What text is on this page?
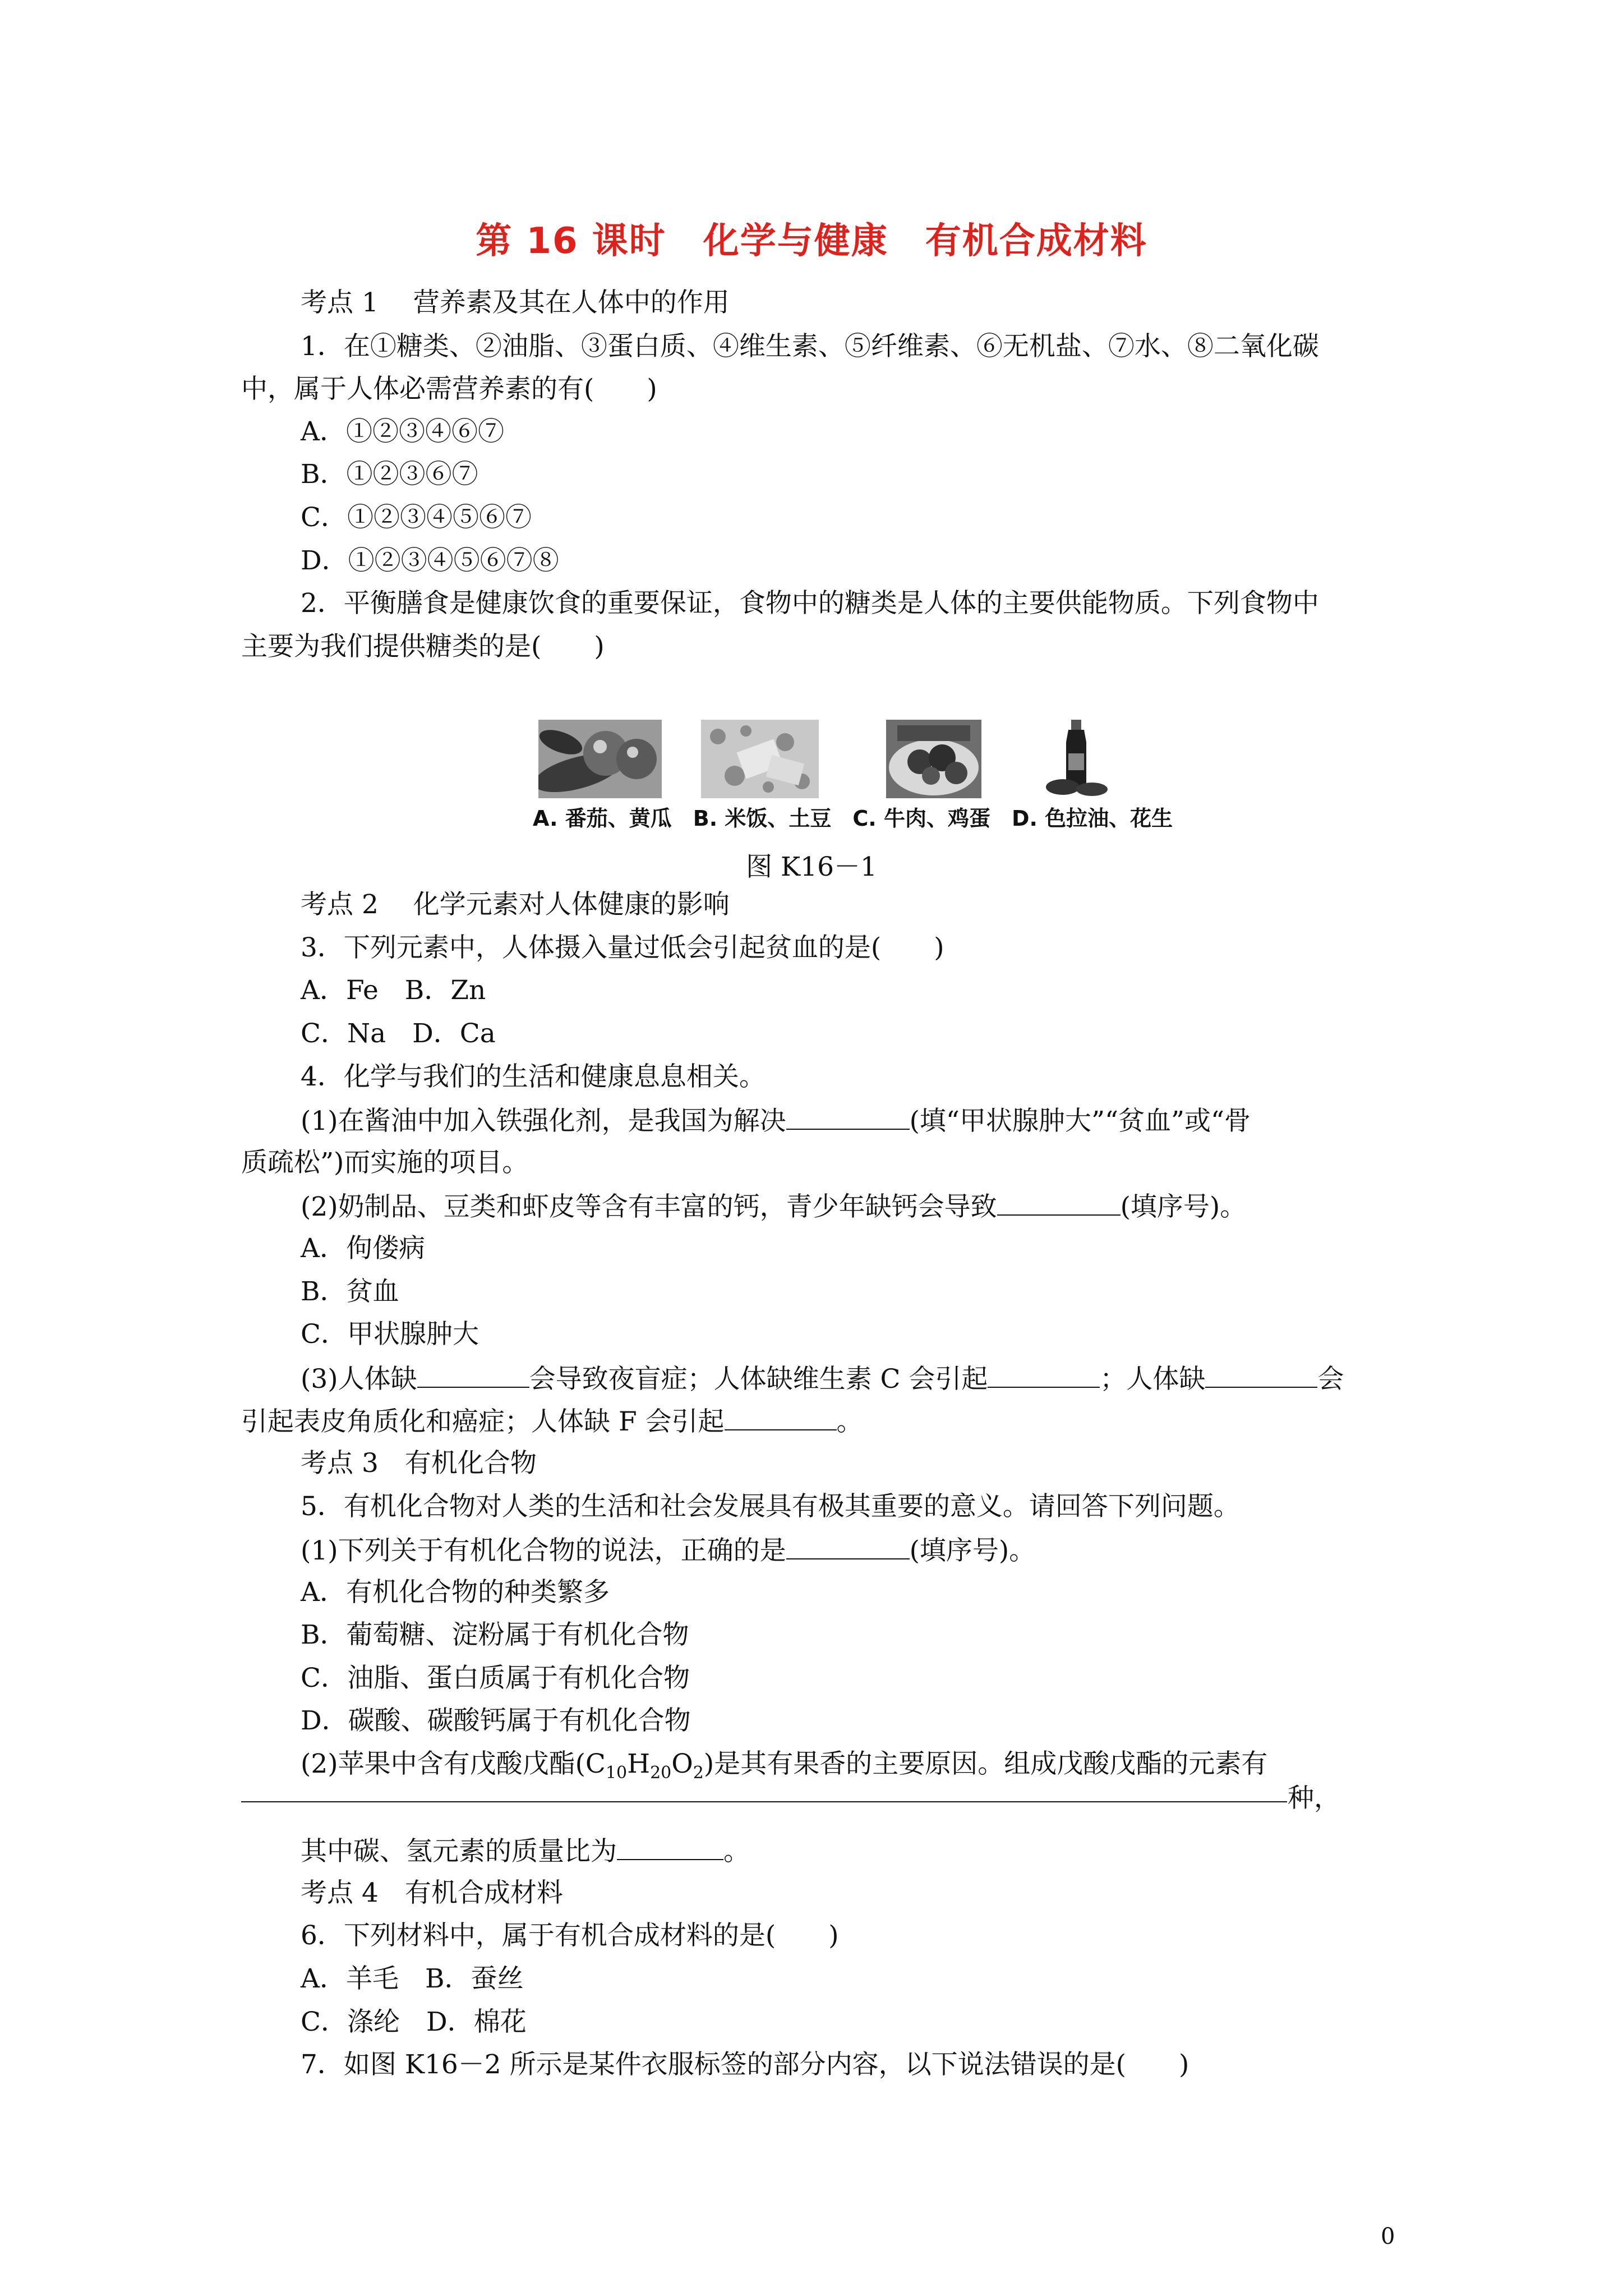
第 16 课时　化学与健康　有机合成材料
考点 1　 营养素及其在人体中的作用
1．在①糖类、②油脂、③蛋白质、④维生素、⑤纤维素、⑥无机盐、⑦水、⑧二氧化碳
中，属于人体必需营养素的有(　　)
A．①②③④⑥⑦
B．①②③⑥⑦
C．①②③④⑤⑥⑦
D．①②③④⑤⑥⑦⑧
2．平衡膳食是健康饮食的重要保证，食物中的糖类是人体的主要供能物质。下列食物中
主要为我们提供糖类的是(　　)
A. 番茄、黄瓜　B. 米饭、土豆　C. 牛肉、鸡蛋　D. 色拉油、花生
图 K16－1
考点 2　 化学元素对人体健康的影响
3．下列元素中，人体摄入量过低会引起贫血的是(　　)
A．Fe　B．Zn
C．Na　D．Ca
4．化学与我们的生活和健康息息相关。
(1)在酱油中加入铁强化剂，是我国为解决	(填“甲状腺肿大”“贫血”或“骨
质疏松”)而实施的项目。
(2)奶制品、豆类和虾皮等含有丰富的钙，青少年缺钙会导致	(填序号)。
A．佝偻病
B．贫血
C．甲状腺肿大
(3)人体缺	会导致夜盲症；人体缺维生素 C 会引起	；人体缺	会
引起表皮角质化和癌症；人体缺 F 会引起	。
考点 3　有机化合物
5．有机化合物对人类的生活和社会发展具有极其重要的意义。请回答下列问题。
(1)下列关于有机化合物的说法，正确的是	(填序号)。
A．有机化合物的种类繁多
B．葡萄糖、淀粉属于有机化合物
C．油脂、蛋白质属于有机化合物
D．碳酸、碳酸钙属于有机化合物
(2)苹果中含有戊酸戊酯$(C_{10}H_{20}O_2)$是其有果香的主要原因。组成戊酸戊酯的元素有
种，
其中碳、氢元素的质量比为	。
考点 4　有机合成材料
6．下列材料中，属于有机合成材料的是(　　)
A．羊毛　B．蚕丝
C．涤纶　D．棉花
7．如图 K16－2 所示是某件衣服标签的部分内容，以下说法错误的是(　　)
0
